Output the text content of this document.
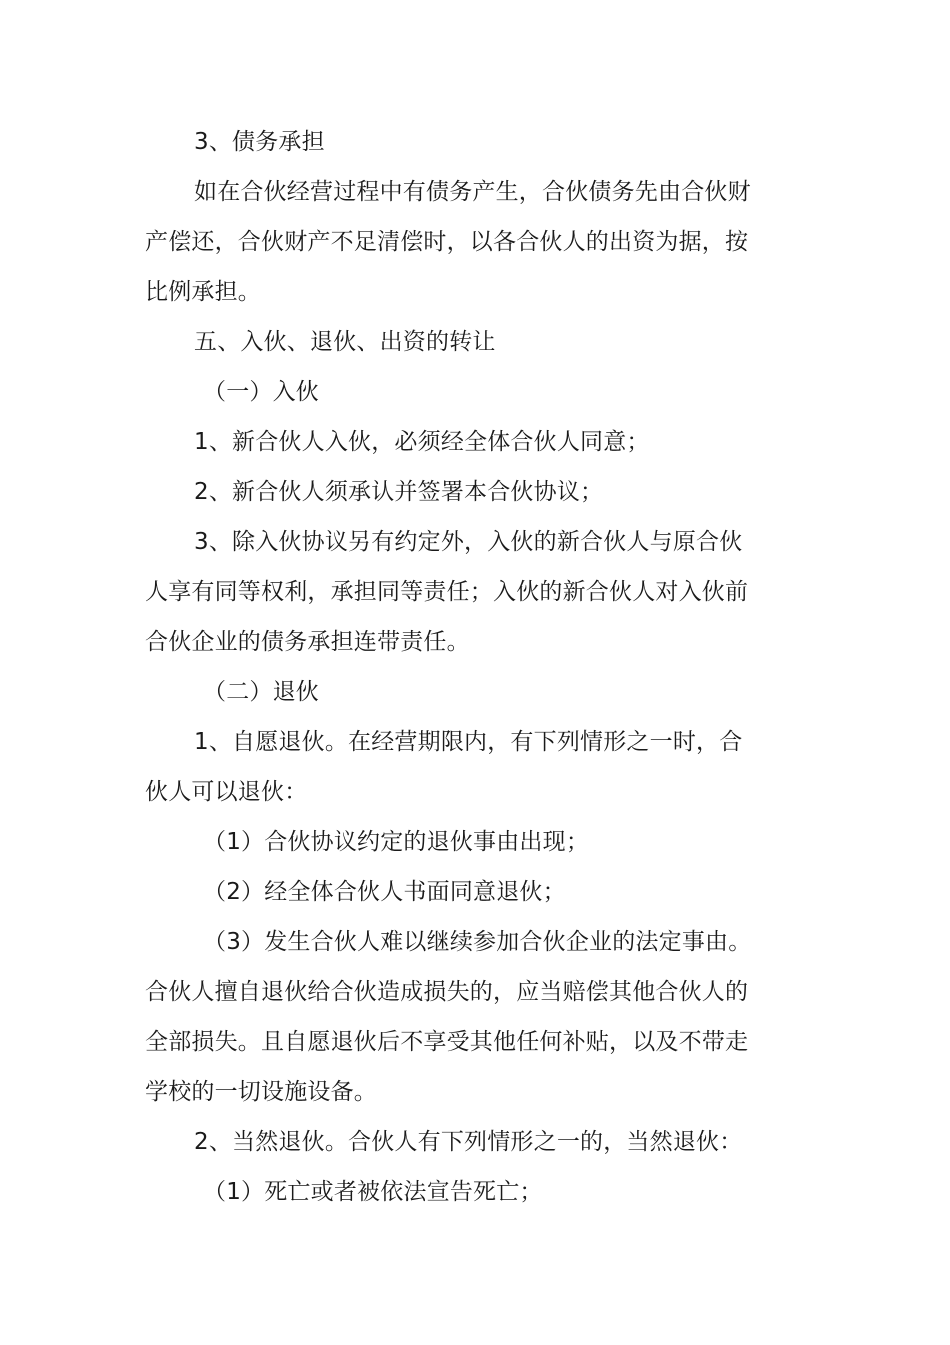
3、债务承担

如在合伙经营过程中有债务产生，合伙债务先由合伙财

产偿还，合伙财产不足清偿时，以各合伙人的出资为据，按

比例承担。

五、入伙、退伙、出资的转让

（一）入伙

1、新合伙人入伙，必须经全体合伙人同意；

2、新合伙人须承认并签署本合伙协议；

3、除入伙协议另有约定外，入伙的新合伙人与原合伙

人享有同等权利，承担同等责任；入伙的新合伙人对入伙前

合伙企业的债务承担连带责任。

（二）退伙

1、自愿退伙。在经营期限内，有下列情形之一时，合

伙人可以退伙：

（1）合伙协议约定的退伙事由出现；

（2）经全体合伙人书面同意退伙；

（3）发生合伙人难以继续参加合伙企业的法定事由。

合伙人擅自退伙给合伙造成损失的，应当赔偿其他合伙人的

全部损失。且自愿退伙后不享受其他任何补贴，以及不带走

学校的一切设施设备。

2、当然退伙。合伙人有下列情形之一的，当然退伙：

（1）死亡或者被依法宣告死亡；
